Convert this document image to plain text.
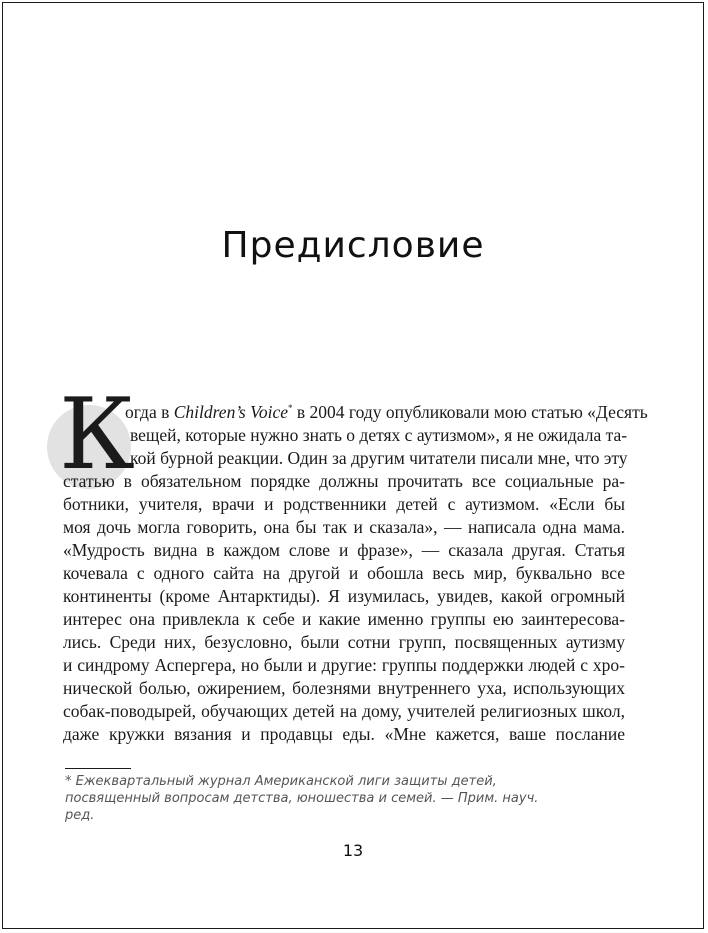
Предисловие
К
огда в Children’s Voice* в 2004 году опубликовали мою статью «Десять
вещей, которые нужно знать о детях с аутизмом», я не ожидала та-
кой бурной реакции. Один за другим читатели писали мне, что эту
статью в обязательном порядке должны прочитать все социальные ра-
ботники, учителя, врачи и родственники детей с аутизмом. «Если бы
моя дочь могла говорить, она бы так и сказала», — написала одна мама.
«Мудрость видна в каждом слове и фразе», — сказала другая. Статья
кочевала с одного сайта на другой и обошла весь мир, буквально все
континенты (кроме Антарктиды). Я изумилась, увидев, какой огромный
интерес она привлекла к себе и какие именно группы ею заинтересова-
лись. Среди них, безусловно, были сотни групп, посвященных аутизму
и синдрому Аспергера, но были и другие: группы поддержки людей с хро-
нической болью, ожирением, болезнями внутреннего уха, использующих
собак-поводырей, обучающих детей на дому, учителей религиозных школ,
даже кружки вязания и продавцы еды. «Мне кажется, ваше послание
* Ежеквартальный журнал Американской лиги защиты детей,
посвященный вопросам детства, юношества и семей. — Прим. науч.
ред.
13
